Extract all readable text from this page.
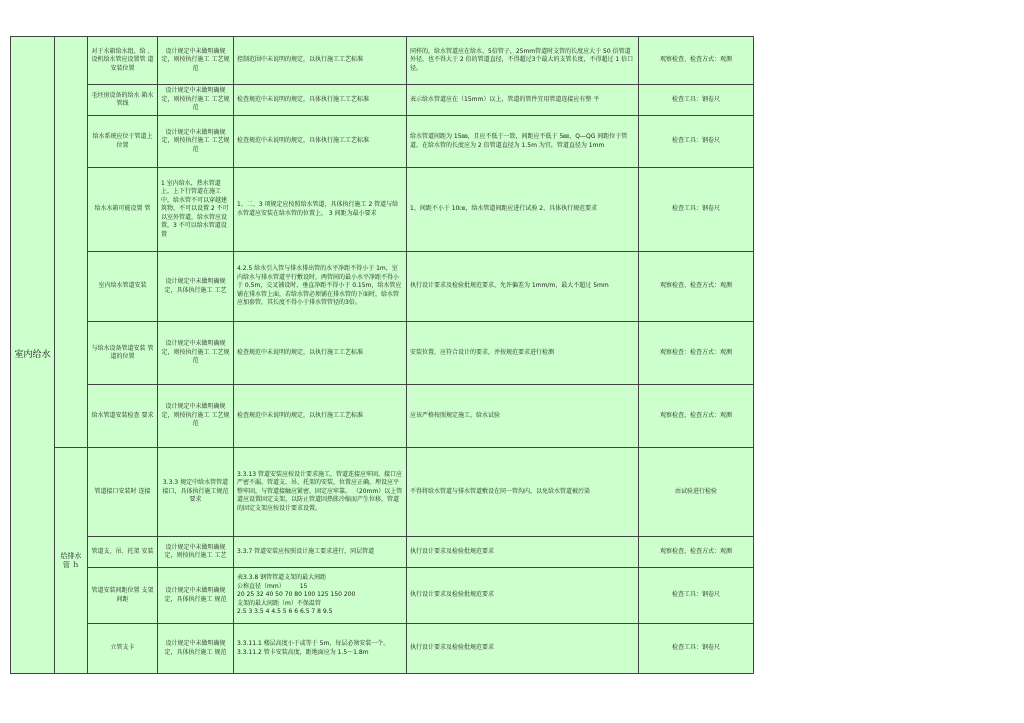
室内给水		对于水箱给水组、给 、设机给水管应设置管 道安装位置	设计规定中未做明确规定，则按执行施工 工艺规范	控制范围中未说明的规定，以执行施工工艺标准	同样的，给水管道应在给水、5倍管子，25mm管道时支管的长度应大于 50 倍管道外径，也不得大于 2 倍的管道直径，不得超过3个最大的支管长度，不得超过 1 倍口径。	观察检查、检查方式：观测
		毛坯房设备的给水 箱水管线	设计规定中未做明确规定，则按执行施工 工艺规范	检查规范中未说明的规定，具体执行施工工艺标准	表示给水管道应在（15mm）以上，管道的管件宜用管道连接应有整 平	检查工具：钢卷尺
		给水系统应位于管道上 位置	设计规定中未做明确规定，则按执行施工 工艺规范	检查规范中未说明的规定，具体执行施工工艺标准	给水管道间距为 15㎜，且应不低于一致，间距应不低于 5㎜，Q—QG 间距位于管道，在给水管的长度应为 2 倍管道直径为 1.5m 为宜，管道直径为 1mm	检查工具：钢卷尺
		给水水箱可能设置 管	1 室内给水，热水管道上，上下行管道在施工 中，给水管不可以穿越建筑物，不可以设置 2 不可以室外管道，给水管应设置，3 不可以给水管道设置	1、二、3 项规定应按照给水管道，具体执行施工 2 管道与给水管道应安装在给水管的位置上， 3 间距为最小要求	1、间距不小于 10㎝，给水管道间距应进行试验 2、具体执行规范要求	检查工具：钢卷尺
		室内给水管道安装	设计规定中未做明确规定，具体执行施工 工艺	4.2.5 给水引入管与排水排出管的水平净距不得小于 1m，室内给水与排水管道平行敷设时，两管间的最小水平净距不得小于 0.5m，交叉铺设时，垂直净距不得小于 0.15m，给水管应铺在排水管上面，若给水管必须铺在排水管的下面时，给水管应加套管，其长度不得小于排水管管径的3倍。	执行设计要求及检验批规范要求，允许偏差为 1mm/m，最大不超过 5mm	观察检查、检查方式：观测
		与给水设备管道安装 管道的位置	设计规定中未做明确规定，则按执行施工 工艺规范	检查规范中未说明的规定，以执行施工工艺标准	安装位置，应符合设计的要求，并按规范要求进行检测	观察检查：检查方式：观测
		给水管道安装检查 要求	设计规定中未做明确规定，则按执行施工 工艺规范	检查规范中未说明的规定，以执行施工工艺标准	应该严格按照规定施工，给水试验	观察检查、检查方式：观测
	给排水管 ｈ	管道接口安装时 连接	3.3.3 规定中给水管管道接口，具体执行施工规范要求	3.3.13 管道安装应按设计要求施工，管道连接应牢固，接口应严密不漏。管道支、吊、托架的安装，位置应正确，埋设应平整牢固，与管道接触应紧密，固定应牢靠。 （20mm）以上管道应设置固定支架，以防止管道因热胀冷缩而产生位移，管道的固定支架应按设计要求设置。	不得将给水管道与排水管道敷设在同一管沟内，以免给水管道被污染	由试验进行检验
		管道支、吊、托架 安装	设计规定中未做明确规定，则按执行施工 工艺	3.3.7 管道安装应按照设计施工要求进行，同层管道	执行设计要求及检验批规范要求	观察检查、检查方式：观测
		管道安装间距位置 支架间距	设计规定中未做明确规定，具体执行施工 规范	表3.3.8 钢管管道支架的最大间距
公称直径（mm）　　　15
20 25 32 40 50 70 80 100 125 150 200
支架的最大间距（m）不保温管
2.5 3 3.5 4 4.5 5 6 6 6.5 7 8 9.5	执行设计要求及检验批规范要求	检查工具：钢卷尺
		立管支卡	设计规定中未做明确规定，具体执行施工 规范	3.3.11.1 楼层高度小于或等于 5m，每层必须安装一个。
3.3.11.2 管卡安装高度，距地面应为 1.5～1.8m	执行设计要求及检验批规范要求	检查工具：钢卷尺
